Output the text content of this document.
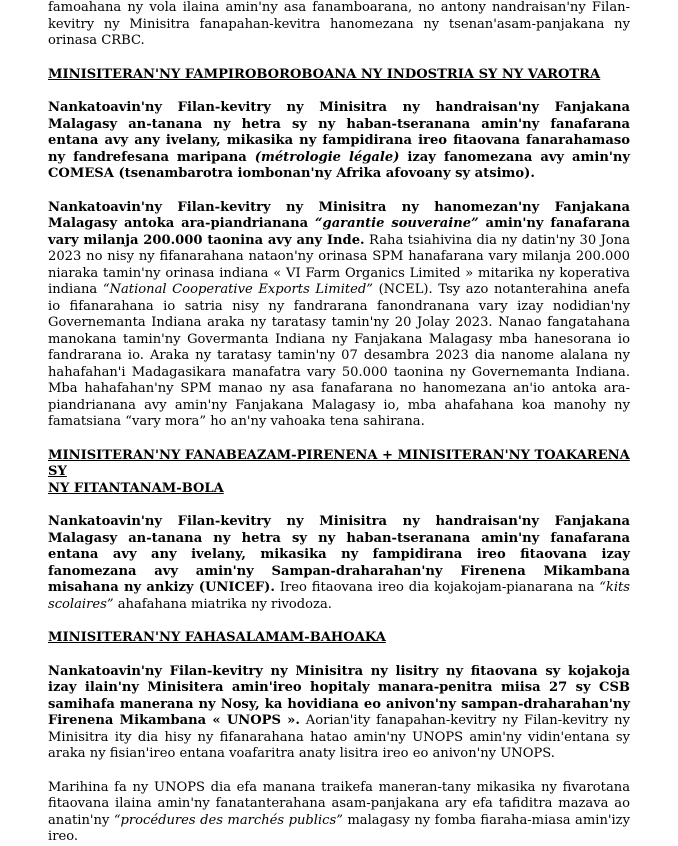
famoahana ny vola ilaina amin'ny asa fanamboarana, no antony nandraisan'ny Filan-kevitry ny Minisitra fanapahan-kevitra hanomezana ny tsenan'asam-panjakana ny orinasa CRBC.

MINISITERAN'NY FAMPIROBOROBOANA NY INDOSTRIA SY NY VAROTRA

Nankatoavin'ny Filan-kevitry ny Minisitra ny handraisan'ny Fanjakana Malagasy an-tanana ny hetra sy ny haban-tseranana amin'ny fanafarana entana avy any ivelany, mikasika ny fampidirana ireo fitaovana fanarahamaso ny fandrefesana maripana (métrologie légale) izay fanomezana avy amin'ny COMESA (tsenambarotra iombonan'ny Afrika afovoany sy atsimo).

Nankatoavin'ny Filan-kevitry ny Minisitra ny hanomezan'ny Fanjakana Malagasy antoka ara-piandrianana “garantie souveraine” amin'ny fanafarana vary milanja 200.000 taonina avy any Inde. Raha tsiahivina dia ny datin'ny 30 Jona 2023 no nisy ny fifanarahana nataon'ny orinasa SPM hanafarana vary milanja 200.000 niaraka tamin'ny orinasa indiana « VI Farm Organics Limited » mitarika ny koperativa indiana “National Cooperative Exports Limited” (NCEL). Tsy azo notanterahina anefa io fifanarahana io satria nisy ny fandrarana fanondranana vary izay nodidian'ny Governemanta Indiana araka ny taratasy tamin'ny 20 Jolay 2023. Nanao fangatahana manokana tamin'ny Govermanta Indiana ny Fanjakana Malagasy mba hanesorana io fandrarana io. Araka ny taratasy tamin'ny 07 desambra 2023 dia nanome alalana ny hahafahan'i Madagasikara manafatra vary 50.000 taonina ny Governemanta Indiana. Mba hahafahan'ny SPM manao ny asa fanafarana no hanomezana an'io antoka ara-piandrianana avy amin'ny Fanjakana Malagasy io, mba ahafahana koa manohy ny famatsiana “vary mora” ho an'ny vahoaka tena sahirana.

MINISITERAN'NY FANABEAZAM-PIRENENA + MINISITERAN'NY TOAKARENA SY
NY FITANTANAM-BOLA

Nankatoavin'ny Filan-kevitry ny Minisitra ny handraisan'ny Fanjakana Malagasy an-tanana ny hetra sy ny haban-tseranana amin'ny fanafarana entana avy any ivelany, mikasika ny fampidirana ireo fitaovana izay fanomezana avy amin'ny Sampan-draharahan'ny Firenena Mikambana misahana ny ankizy (UNICEF). Ireo fitaovana ireo dia kojakojam-pianarana na “kits scolaires” ahafahana miatrika ny rivodoza.

MINISITERAN'NY FAHASALAMAM-BAHOAKA

Nankatoavin'ny Filan-kevitry ny Minisitra ny lisitry ny fitaovana sy kojakoja izay ilain'ny Minisitera amin'ireo hopitaly manara-penitra miisa 27 sy CSB samihafa manerana ny Nosy, ka hovidiana eo anivon'ny sampan-draharahan'ny Firenena Mikambana « UNOPS ». Aorian'ity fanapahan-kevitry ny Filan-kevitry ny Minisitra ity dia hisy ny fifanarahana hatao amin'ny UNOPS amin'ny vidin'entana sy araka ny fisian'ireo entana voafaritra anaty lisitra ireo eo anivon'ny UNOPS.

Marihina fa ny UNOPS dia efa manana traikefa maneran-tany mikasika ny fivarotana fitaovana ilaina amin'ny fanatanterahana asam-panjakana ary efa tafiditra mazava ao anatin'ny “procédures des marchés publics” malagasy ny fomba fiaraha-miasa amin'izy ireo.
